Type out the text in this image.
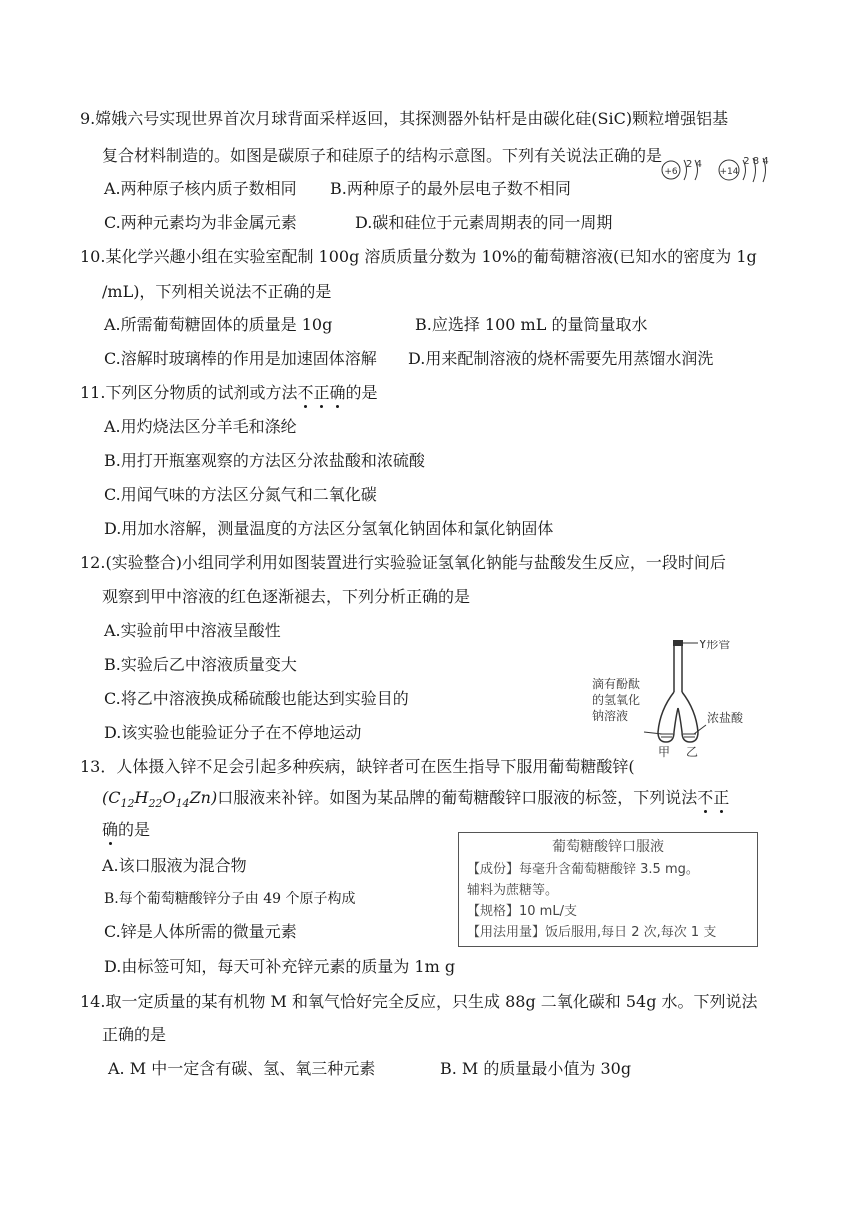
9.嫦娥六号实现世界首次月球背面采样返回，其探测器外钻杆是由碳化硅(SiC)颗粒增强铝基
复合材料制造的。如图是碳原子和硅原子的结构示意图。下列有关说法正确的是
+6
2 4
+14
2 8 4
A.两种原子核内质子数相同 B.两种原子的最外层电子数不相同
C.两种元素均为非金属元素	D.碳和硅位于元素周期表的同一周期
10.某化学兴趣小组在实验室配制 100g 溶质质量分数为 10%的葡萄糖溶液(已知水的密度为 1g
/mL)，下列相关说法不正确的是
A.所需葡萄糖固体的质量是 10g	B.应选择 100 mL 的量筒量取水
C.溶解时玻璃棒的作用是加速固体溶解 D.用来配制溶液的烧杯需要先用蒸馏水润洗
11.下列区分物质的试剂或方法不正确的是
A.用灼烧法区分羊毛和涤纶
B.用打开瓶塞观察的方法区分浓盐酸和浓硫酸
C.用闻气味的方法区分氮气和二氧化碳
D.用加水溶解，测量温度的方法区分氢氧化钠固体和氯化钠固体
12.(实验整合)小组同学利用如图装置进行实验验证氢氧化钠能与盐酸发生反应，一段时间后
观察到甲中溶液的红色逐渐褪去，下列分析正确的是
A.实验前甲中溶液呈酸性
B.实验后乙中溶液质量变大
C.将乙中溶液换成稀硫酸也能达到实验目的
D.该实验也能验证分子在不停地运动
Y形管
滴有酚酞
的氢氧化
钠溶液	浓盐酸
甲 乙
13．人体摄入锌不足会引起多种疾病，缺锌者可在医生指导下服用葡萄糖酸锌(
$(C_{12}H_{22}O_{14}Zn)$口服液来补锌。如图为某品牌的葡萄糖酸锌口服液的标签，下列说法不正
确的是
A.该口服液为混合物
B.每个葡萄糖酸锌分子由 49 个原子构成
C.锌是人体所需的微量元素
D.由标签可知，每天可补充锌元素的质量为 1m g
葡萄糖酸锌口服液
【成份】每毫升含葡萄糖酸锌 3.5 mg。
辅料为蔗糖等。
【规格】10 mL/支
【用法用量】饭后服用,每日 2 次,每次 1 支
14.取一定质量的某有机物 M 和氧气恰好完全反应，只生成 88g 二氧化碳和 54g 水。下列说法
正确的是
A. M 中一定含有碳、氢、氧三种元素	B. M 的质量最小值为 30g
